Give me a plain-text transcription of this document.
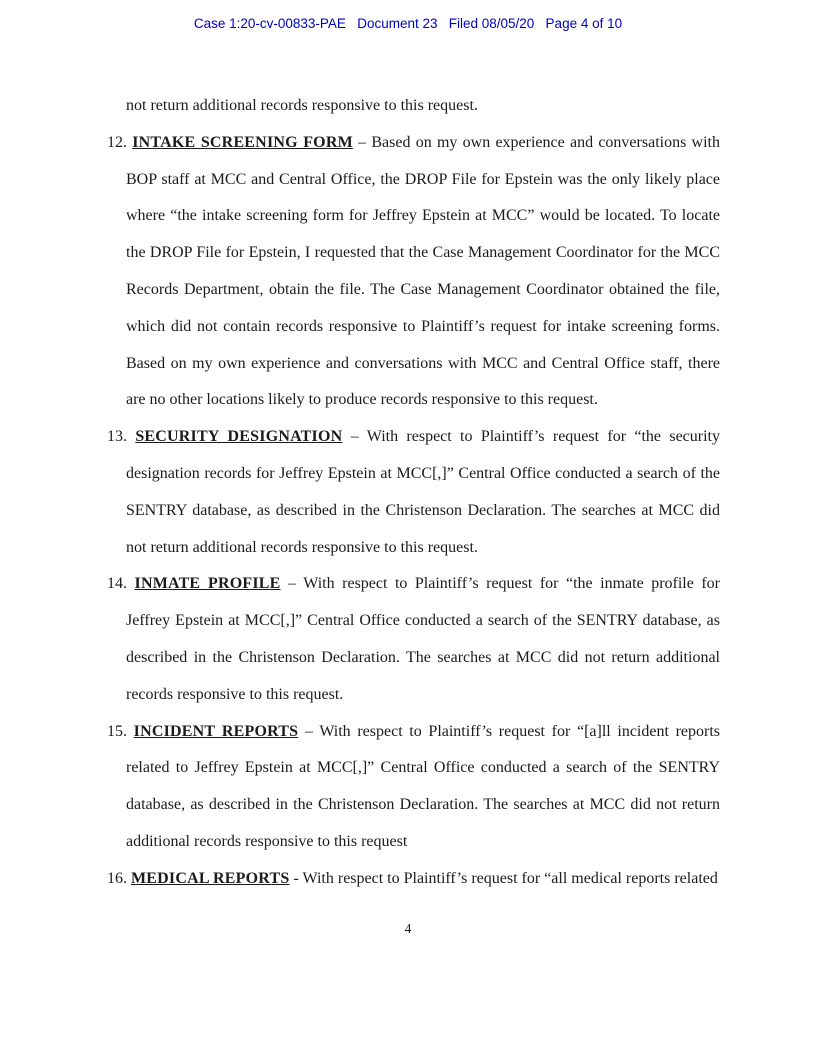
Case 1:20-cv-00833-PAE   Document 23   Filed 08/05/20   Page 4 of 10

not return additional records responsive to this request.

12. INTAKE SCREENING FORM – Based on my own experience and conversations with BOP staff at MCC and Central Office, the DROP File for Epstein was the only likely place where “the intake screening form for Jeffrey Epstein at MCC” would be located. To locate the DROP File for Epstein, I requested that the Case Management Coordinator for the MCC Records Department, obtain the file. The Case Management Coordinator obtained the file, which did not contain records responsive to Plaintiff’s request for intake screening forms. Based on my own experience and conversations with MCC and Central Office staff, there are no other locations likely to produce records responsive to this request.

13. SECURITY DESIGNATION – With respect to Plaintiff’s request for “the security designation records for Jeffrey Epstein at MCC[,]” Central Office conducted a search of the SENTRY database, as described in the Christenson Declaration. The searches at MCC did not return additional records responsive to this request.

14. INMATE PROFILE – With respect to Plaintiff’s request for “the inmate profile for Jeffrey Epstein at MCC[,]” Central Office conducted a search of the SENTRY database, as described in the Christenson Declaration. The searches at MCC did not return additional records responsive to this request.

15. INCIDENT REPORTS – With respect to Plaintiff’s request for “[a]ll incident reports related to Jeffrey Epstein at MCC[,]” Central Office conducted a search of the SENTRY database, as described in the Christenson Declaration. The searches at MCC did not return additional records responsive to this request

16. MEDICAL REPORTS - With respect to Plaintiff’s request for “all medical reports related

4
